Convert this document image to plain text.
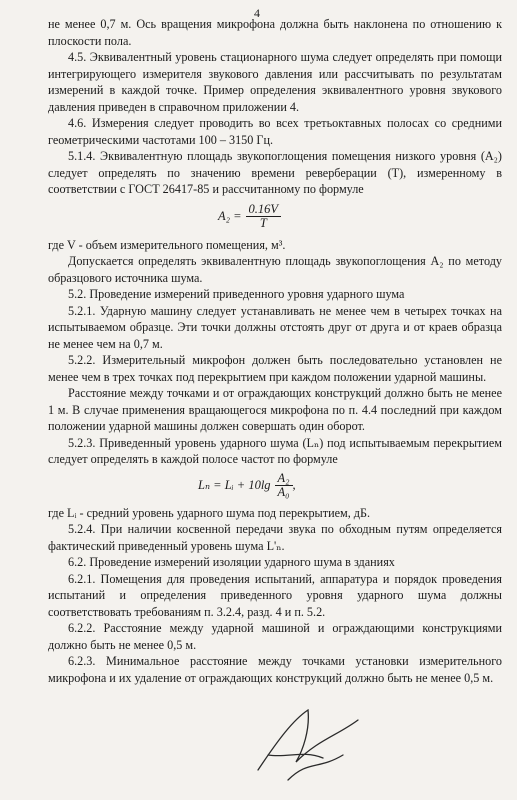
4

не менее 0,7 м. Ось вращения микрофона должна быть наклонена по отношению к плоскости пола.

4.5. Эквивалентный уровень стационарного шума следует определять при помощи интегрирующего измерителя звукового давления или рассчитывать по результатам измерений в каждой точке. Пример определения эквивалентного уровня звукового давления приведен в справочном приложении 4.

4.6. Измерения следует проводить во всех третьоктавных полосах со средними геометрическими частотами 100 – 3150 Гц.

5.1.4. Эквивалентную площадь звукопоглощения помещения низкого уровня (A₂) следует определять по значению времени реверберации (T), измеренному в соответствии с ГОСТ 26417-85 и рассчитанному по формуле

$A_2 = \frac{0.16V}{T}$

где V - объем измерительного помещения, м³.

Допускается определять эквивалентную площадь звукопоглощения A₂ по методу образцового источника шума.

5.2. Проведение измерений приведенного уровня ударного шума

5.2.1. Ударную машину следует устанавливать не менее чем в четырех точках на испытываемом образце. Эти точки должны отстоять друг от друга и от краев образца не менее чем на 0,7 м.

5.2.2. Измерительный микрофон должен быть последовательно установлен не менее чем в трех точках под перекрытием при каждом положении ударной машины.

Расстояние между точками и от ограждающих конструкций должно быть не менее 1 м. В случае применения вращающегося микрофона по п. 4.4 последний при каждом положении ударной машины должен совершать один оборот.

5.2.3. Приведенный уровень ударного шума (Lₙ) под испытываемым перекрытием следует определять в каждой полосе частот по формуле

Lₙ = Lᵢ + $10\lg \frac{\text{A₂}}{\text{A₀}}$ ,

где Lᵢ - средний уровень ударного шума под перекрытием, дБ.

5.2.4. При наличии косвенной передачи звука по обходным путям определяется фактический приведенный уровень шума L'ₙ.

6.2. Проведение измерений изоляции ударного шума в зданиях

6.2.1. Помещения для проведения испытаний, аппаратура и порядок проведения испытаний и определения приведенного уровня ударного шума должны соответствовать требованиям п. 3.2.4, разд. 4 и п. 5.2.

6.2.2. Расстояние между ударной машиной и ограждающими конструкциями должно быть не менее 0,5 м.

6.2.3. Минимальное расстояние между точками установки измерительного микрофона и их удаление от ограждающих конструкций должно быть не менее 0,5 м.
